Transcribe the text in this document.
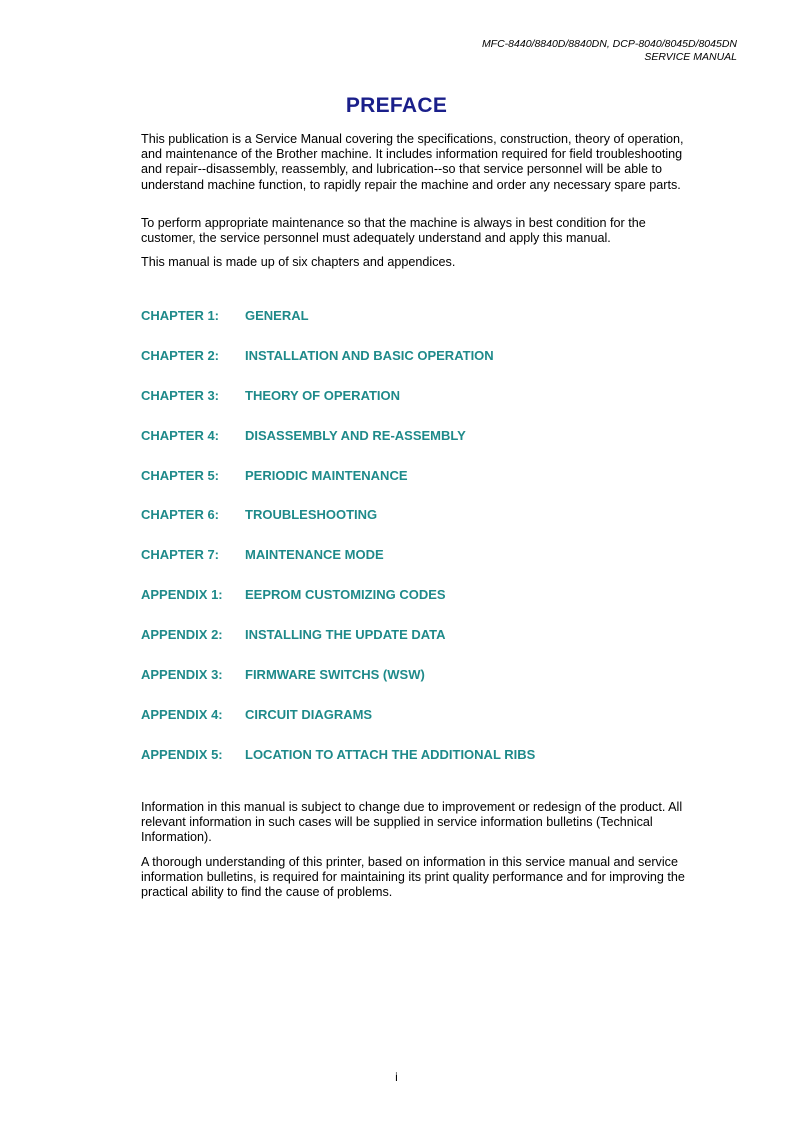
MFC-8440/8840D/8840DN, DCP-8040/8045D/8045DN
SERVICE MANUAL
PREFACE

This publication is a Service Manual covering the specifications, construction, theory of operation, and maintenance of the Brother machine. It includes information required for field troubleshooting and repair--disassembly, reassembly, and lubrication--so that service personnel will be able to understand machine function, to rapidly repair the machine and order any necessary spare parts.

To perform appropriate maintenance so that the machine is always in best condition for the customer, the service personnel must adequately understand and apply this manual.

This manual is made up of six chapters and appendices.

CHAPTER 1:	GENERAL
CHAPTER 2:	INSTALLATION AND BASIC OPERATION
CHAPTER 3:	THEORY OF OPERATION
CHAPTER 4:	DISASSEMBLY AND RE-ASSEMBLY
CHAPTER 5:	PERIODIC MAINTENANCE
CHAPTER 6:	TROUBLESHOOTING
CHAPTER 7:	MAINTENANCE MODE
APPENDIX 1:	EEPROM CUSTOMIZING CODES
APPENDIX 2:	INSTALLING THE UPDATE DATA
APPENDIX 3:	FIRMWARE SWITCHS (WSW)
APPENDIX 4:	CIRCUIT DIAGRAMS
APPENDIX 5:	LOCATION TO ATTACH THE ADDITIONAL RIBS

Information in this manual is subject to change due to improvement or redesign of the product. All relevant information in such cases will be supplied in service information bulletins (Technical Information).

A thorough understanding of this printer, based on information in this service manual and service information bulletins, is required for maintaining its print quality performance and for improving the practical ability to find the cause of problems.

i
